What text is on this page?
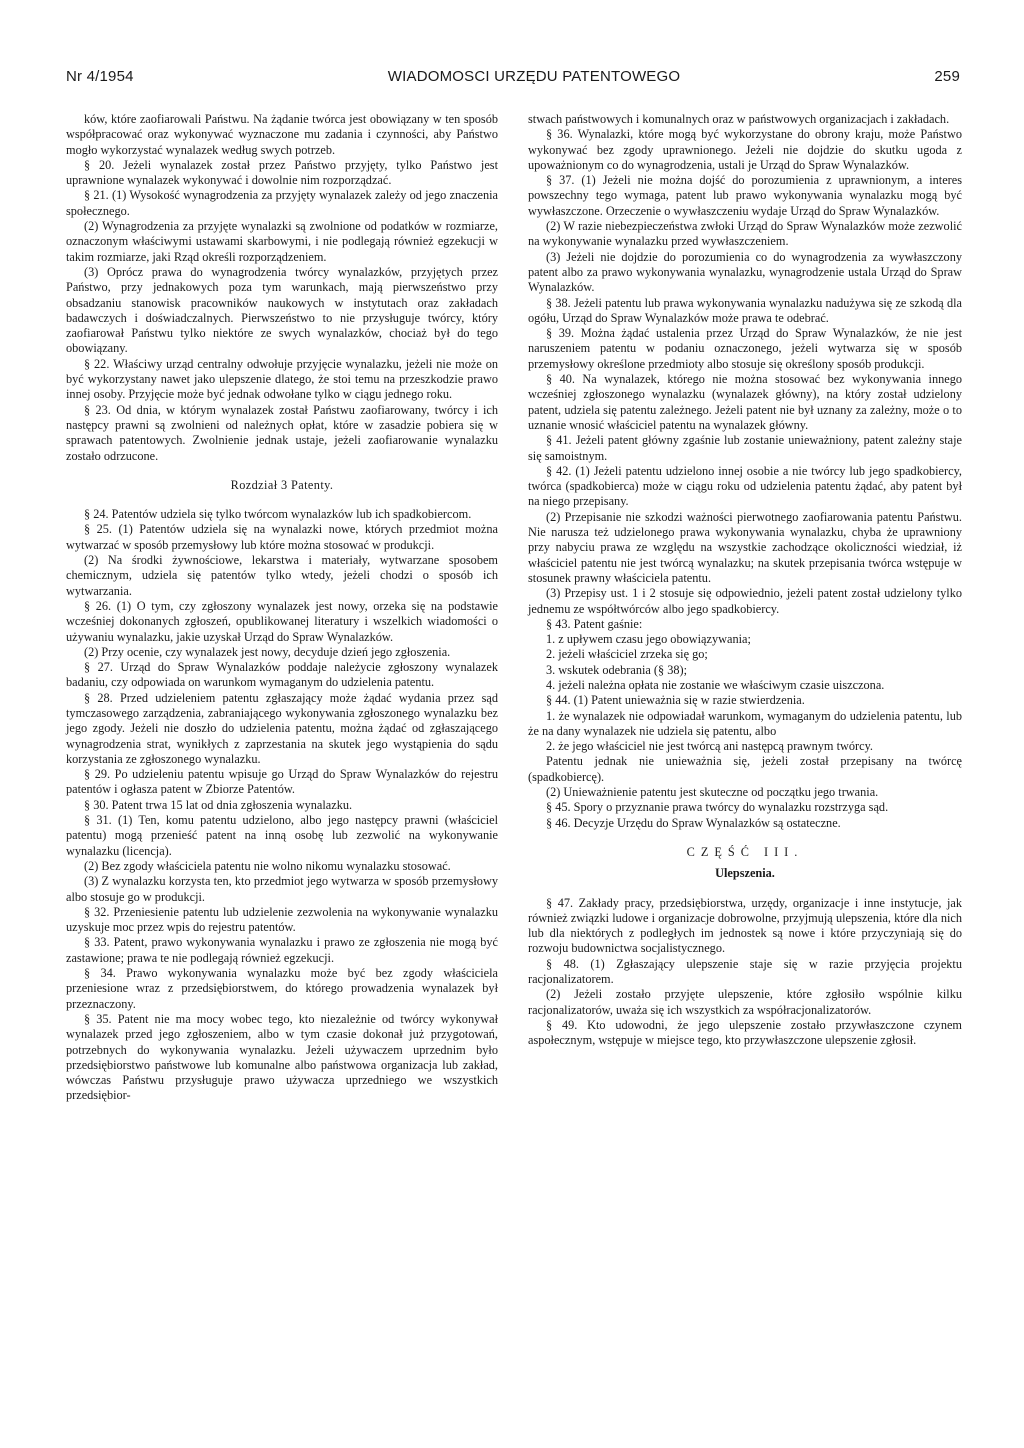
Nr 4/1954	WIADOMOSCI URZĘDU PATENTOWEGO	259

ków, które zaofiarowali Państwu. Na żądanie twórca jest obowiązany w ten sposób współpracować oraz wykonywać wyznaczone mu zadania i czynności, aby Państwo mogło wykorzystać wynalazek według swych potrzeb.

§ 20. Jeżeli wynalazek został przez Państwo przyjęty, tylko Państwo jest uprawnione wynalazek wykonywać i dowolnie nim rozporządzać.

§ 21. (1) Wysokość wynagrodzenia za przyjęty wynalazek zależy od jego znaczenia społecznego.

(2) Wynagrodzenia za przyjęte wynalazki są zwolnione od podatków w rozmiarze, oznaczonym właściwymi ustawami skarbowymi, i nie podlegają również egzekucji w takim rozmiarze, jaki Rząd określi rozporządzeniem.

(3) Oprócz prawa do wynagrodzenia twórcy wynalazków, przyjętych przez Państwo, przy jednakowych poza tym warunkach, mają pierwszeństwo przy obsadzaniu stanowisk pracowników naukowych w instytutach oraz zakładach badawczych i doświadczalnych. Pierwszeństwo to nie przysługuje twórcy, który zaofiarował Państwu tylko niektóre ze swych wynalazków, chociaż był do tego obowiązany.

§ 22. Właściwy urząd centralny odwołuje przyjęcie wynalazku, jeżeli nie może on być wykorzystany nawet jako ulepszenie dlatego, że stoi temu na przeszkodzie prawo innej osoby. Przyjęcie może być jednak odwołane tylko w ciągu jednego roku.

§ 23. Od dnia, w którym wynalazek został Państwu zaofiarowany, twórcy i ich następcy prawni są zwolnieni od należnych opłat, które w zasadzie pobiera się w sprawach patentowych. Zwolnienie jednak ustaje, jeżeli zaofiarowanie wynalazku zostało odrzucone.

Rozdział 3 Patenty.

§ 24. Patentów udziela się tylko twórcom wynalazków lub ich spadkobiercom.

§ 25. (1) Patentów udziela się na wynalazki nowe, których przedmiot można wytwarzać w sposób przemysłowy lub które można stosować w produkcji.

(2) Na środki żywnościowe, lekarstwa i materiały, wytwarzane sposobem chemicznym, udziela się patentów tylko wtedy, jeżeli chodzi o sposób ich wytwarzania.

§ 26. (1) O tym, czy zgłoszony wynalazek jest nowy, orzeka się na podstawie wcześniej dokonanych zgłoszeń, opublikowanej literatury i wszelkich wiadomości o używaniu wynalazku, jakie uzyskał Urząd do Spraw Wynalazków.

(2) Przy ocenie, czy wynalazek jest nowy, decyduje dzień jego zgłoszenia.

§ 27. Urząd do Spraw Wynalazków poddaje należycie zgłoszony wynalazek badaniu, czy odpowiada on warunkom wymaganym do udzielenia patentu.

§ 28. Przed udzieleniem patentu zgłaszający może żądać wydania przez sąd tymczasowego zarządzenia, zabraniającego wykonywania zgłoszonego wynalazku bez jego zgody. Jeżeli nie doszło do udzielenia patentu, można żądać od zgłaszającego wynagrodzenia strat, wynikłych z zaprzestania na skutek jego wystąpienia do sądu korzystania ze zgłoszonego wynalazku.

§ 29. Po udzieleniu patentu wpisuje go Urząd do Spraw Wynalazków do rejestru patentów i ogłasza patent w Zbiorze Patentów.

§ 30. Patent trwa 15 lat od dnia zgłoszenia wynalazku.

§ 31. (1) Ten, komu patentu udzielono, albo jego następcy prawni (właściciel patentu) mogą przenieść patent na inną osobę lub zezwolić na wykonywanie wynalazku (licencja).

(2) Bez zgody właściciela patentu nie wolno nikomu wynalazku stosować.

(3) Z wynalazku korzysta ten, kto przedmiot jego wytwarza w sposób przemysłowy albo stosuje go w produkcji.

§ 32. Przeniesienie patentu lub udzielenie zezwolenia na wykonywanie wynalazku uzyskuje moc przez wpis do rejestru patentów.

§ 33. Patent, prawo wykonywania wynalazku i prawo ze zgłoszenia nie mogą być zastawione; prawa te nie podlegają również egzekucji.

§ 34. Prawo wykonywania wynalazku może być bez zgody właściciela przeniesione wraz z przedsiębiorstwem, do którego prowadzenia wynalazek był przeznaczony.

§ 35. Patent nie ma mocy wobec tego, kto niezależnie od twórcy wykonywał wynalazek przed jego zgłoszeniem, albo w tym czasie dokonał już przygotowań, potrzebnych do wykonywania wynalazku. Jeżeli używaczem uprzednim było przedsiębiorstwo państwowe lub komunalne albo państwowa organizacja lub zakład, wówczas Państwu przysługuje prawo używacza uprzedniego we wszystkich przedsiębior-

stwach państwowych i komunalnych oraz w państwowych organizacjach i zakładach.

§ 36. Wynalazki, które mogą być wykorzystane do obrony kraju, może Państwo wykonywać bez zgody uprawnionego. Jeżeli nie dojdzie do skutku ugoda z upoważnionym co do wynagrodzenia, ustali je Urząd do Spraw Wynalazków.

§ 37. (1) Jeżeli nie można dojść do porozumienia z uprawnionym, a interes powszechny tego wymaga, patent lub prawo wykonywania wynalazku mogą być wywłaszczone. Orzeczenie o wywłaszczeniu wydaje Urząd do Spraw Wynalazków.

(2) W razie niebezpieczeństwa zwłoki Urząd do Spraw Wynalazków może zezwolić na wykonywanie wynalazku przed wywłaszczeniem.

(3) Jeżeli nie dojdzie do porozumienia co do wynagrodzenia za wywłaszczony patent albo za prawo wykonywania wynalazku, wynagrodzenie ustala Urząd do Spraw Wynalazków.

§ 38. Jeżeli patentu lub prawa wykonywania wynalazku nadużywa się ze szkodą dla ogółu, Urząd do Spraw Wynalazków może prawa te odebrać.

§ 39. Można żądać ustalenia przez Urząd do Spraw Wynalazków, że nie jest naruszeniem patentu w podaniu oznaczonego, jeżeli wytwarza się w sposób przemysłowy określone przedmioty albo stosuje się określony sposób produkcji.

§ 40. Na wynalazek, którego nie można stosować bez wykonywania innego wcześniej zgłoszonego wynalazku (wynalazek główny), na który został udzielony patent, udziela się patentu zależnego. Jeżeli patent nie był uznany za zależny, może o to uznanie wnosić właściciel patentu na wynalazek główny.

§ 41. Jeżeli patent główny zgaśnie lub zostanie unieważniony, patent zależny staje się samoistnym.

§ 42. (1) Jeżeli patentu udzielono innej osobie a nie twórcy lub jego spadkobiercy, twórca (spadkobierca) może w ciągu roku od udzielenia patentu żądać, aby patent był na niego przepisany.

(2) Przepisanie nie szkodzi ważności pierwotnego zaofiarowania patentu Państwu. Nie narusza też udzielonego prawa wykonywania wynalazku, chyba że uprawniony przy nabyciu prawa ze względu na wszystkie zachodzące okoliczności wiedział, iż właściciel patentu nie jest twórcą wynalazku; na skutek przepisania twórca wstępuje w stosunek prawny właściciela patentu.

(3) Przepisy ust. 1 i 2 stosuje się odpowiednio, jeżeli patent został udzielony tylko jednemu ze współtwórców albo jego spadkobiercy.

§ 43. Patent gaśnie:

1. z upływem czasu jego obowiązywania;

2. jeżeli właściciel zrzeka się go;

3. wskutek odebrania (§ 38);

4. jeżeli należna opłata nie zostanie we właściwym czasie uiszczona.

§ 44. (1) Patent unieważnia się w razie stwierdzenia.

1. że wynalazek nie odpowiadał warunkom, wymaganym do udzielenia patentu, lub że na dany wynalazek nie udziela się patentu, albo

2. że jego właściciel nie jest twórcą ani następcą prawnym twórcy.

Patentu jednak nie unieważnia się, jeżeli został przepisany na twórcę (spadkobiercę).

(2) Unieważnienie patentu jest skuteczne od początku jego trwania.

§ 45. Spory o przyznanie prawa twórcy do wynalazku rozstrzyga sąd.

§ 46. Decyzje Urzędu do Spraw Wynalazków są ostateczne.

CZĘŚĆ III.

Ulepszenia.

§ 47. Zakłady pracy, przedsiębiorstwa, urzędy, organizacje i inne instytucje, jak również związki ludowe i organizacje dobrowolne, przyjmują ulepszenia, które dla nich lub dla niektórych z podległych im jednostek są nowe i które przyczyniają się do rozwoju budownictwa socjalistycznego.

§ 48. (1) Zgłaszający ulepszenie staje się w razie przyjęcia projektu racjonalizatorem.

(2) Jeżeli zostało przyjęte ulepszenie, które zgłosiło wspólnie kilku racjonalizatorów, uważa się ich wszystkich za współracjonalizatorów.

§ 49. Kto udowodni, że jego ulepszenie zostało przywłaszczone czynem aspołecznym, wstępuje w miejsce tego, kto przywłaszczone ulepszenie zgłosił.
